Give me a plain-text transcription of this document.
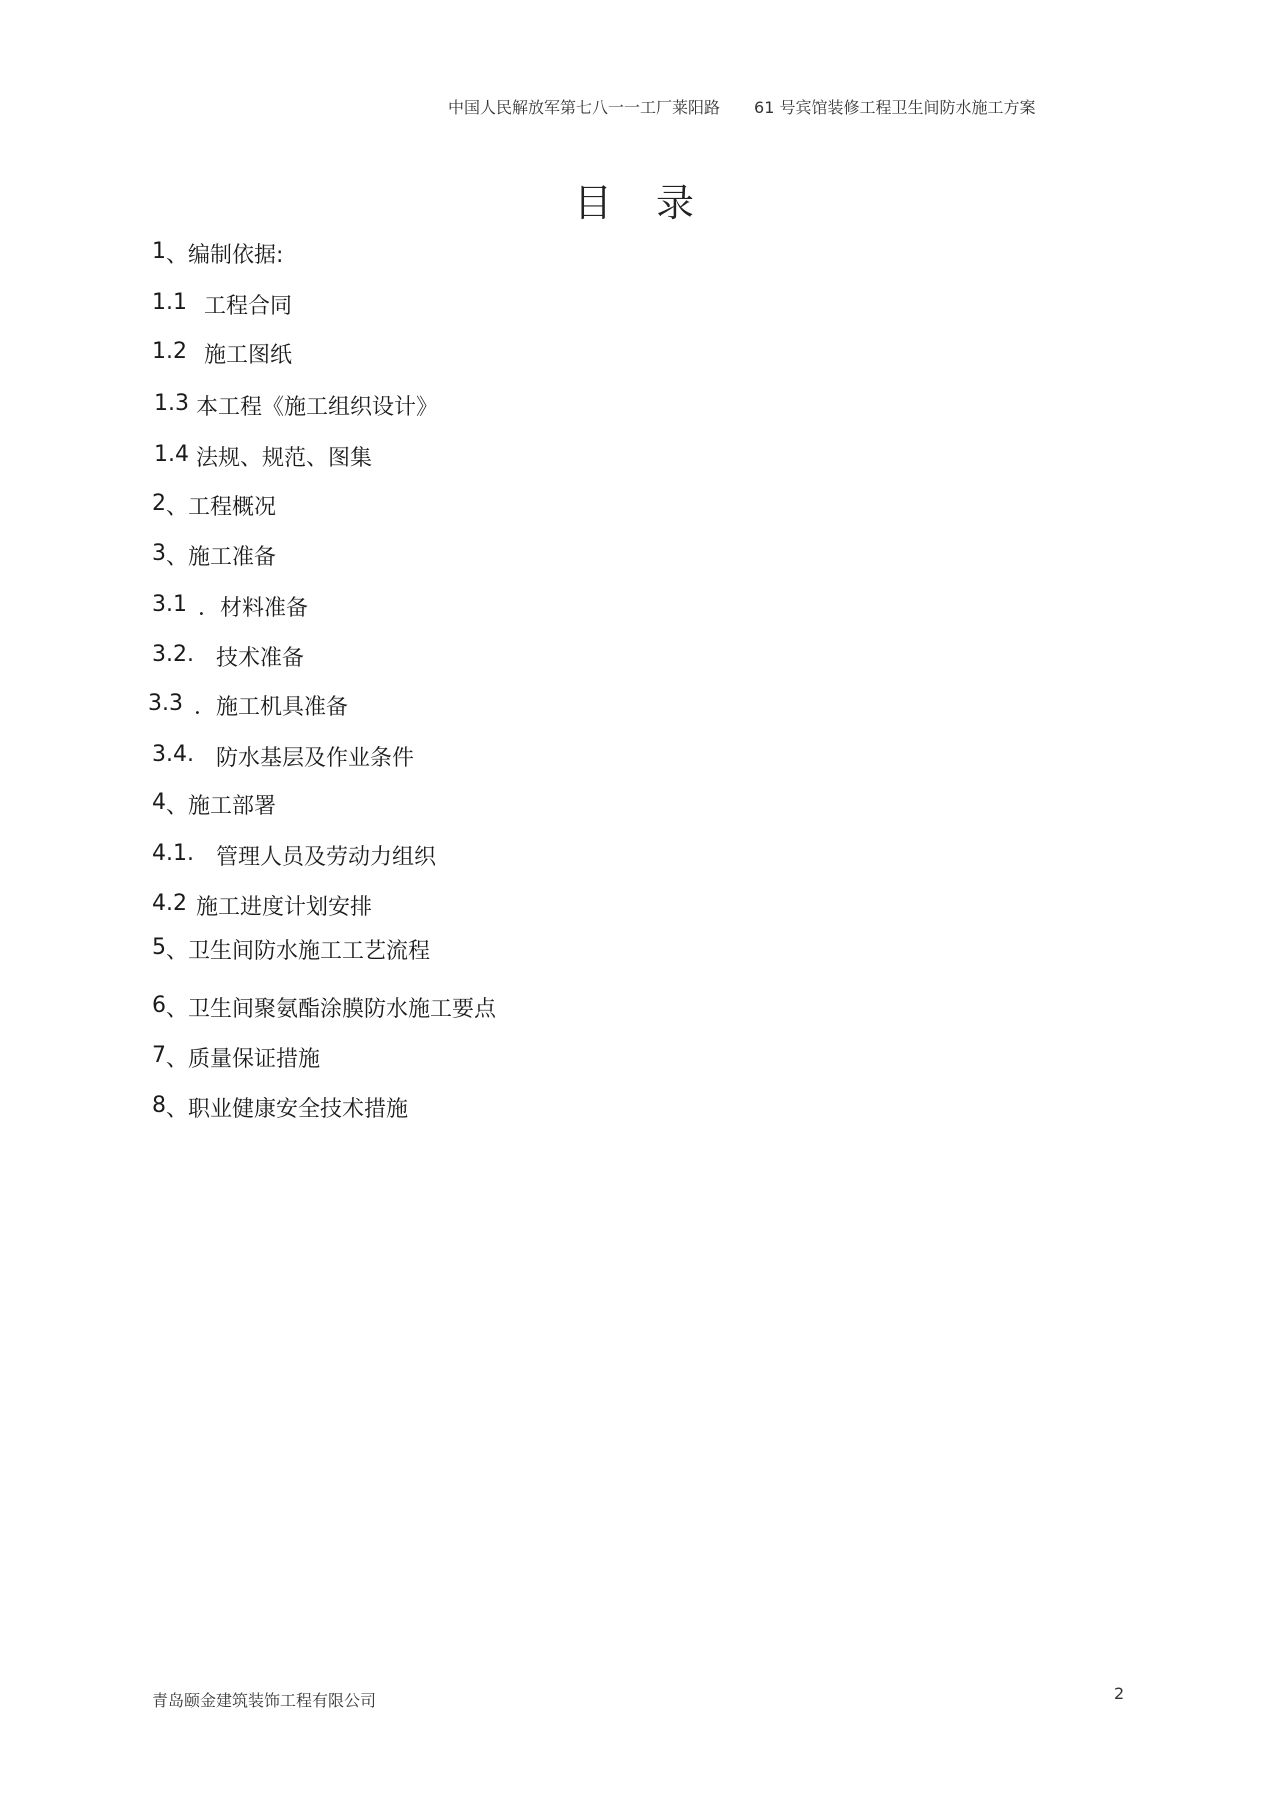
中国人民解放军第七八一一工厂莱阳路 61 号宾馆装修工程卫生间防水施工方案
目 录
1、编制依据:
1.1 工程合同
1.2 施工图纸
1.3 本工程《施工组织设计》
1.4 法规、规范、图集
2、工程概况
3、施工准备
3.1 ．材料准备
3.2. 技术准备
3.3 ．施工机具准备
3.4. 防水基层及作业条件
4、施工部署
4.1. 管理人员及劳动力组织
4.2 施工进度计划安排
5、卫生间防水施工工艺流程
6、卫生间聚氨酯涂膜防水施工要点
7、质量保证措施
8、职业健康安全技术措施
青岛颐金建筑装饰工程有限公司	2
